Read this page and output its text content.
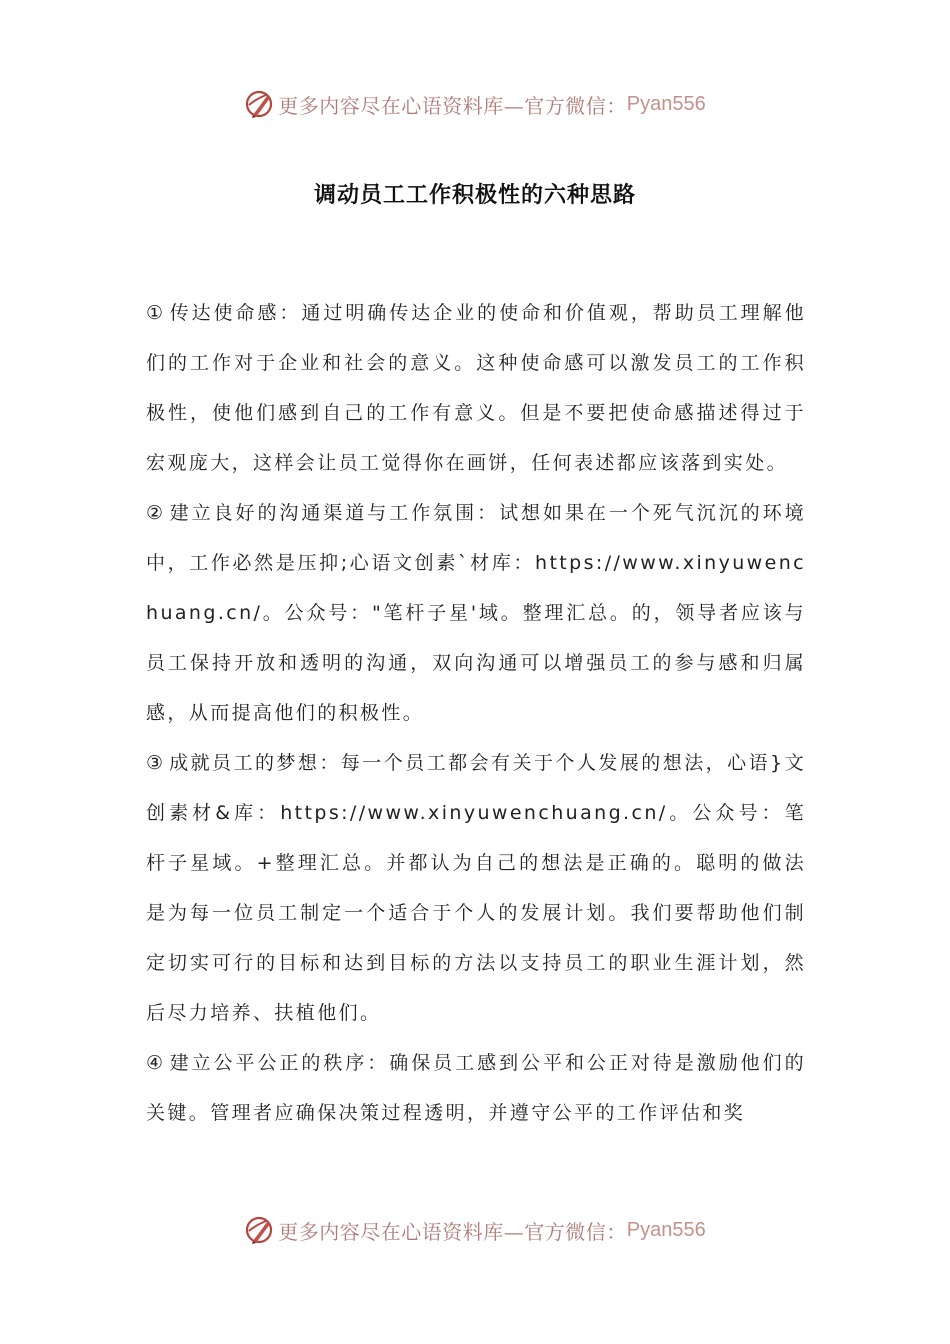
更多内容尽在心语资料库—官方微信： Pyan556
调动员工工作积极性的六种思路

① 传达使命感：通过明确传达企业的使命和价值观，帮助员工理解他们的工作对于企业和社会的意义。这种使命感可以激发员工的工作积极性，使他们感到自己的工作有意义。但是不要把使命感描述得过于宏观庞大，这样会让员工觉得你在画饼，任何表述都应该落到实处。

② 建立良好的沟通渠道与工作氛围：试想如果在一个死气沉沉的环境中，工作必然是压抑;心语文创素`材库：https://www.xinyuwenchuang.cn/。公众号："笔杆子星'域。整理汇总。的，领导者应该与员工保持开放和透明的沟通，双向沟通可以增强员工的参与感和归属感，从而提高他们的积极性。

③ 成就员工的梦想：每一个员工都会有关于个人发展的想法，心语}文创素材&库：https://www.xinyuwenchuang.cn/。公众号：笔杆子星域。+整理汇总。并都认为自己的想法是正确的。聪明的做法是为每一位员工制定一个适合于个人的发展计划。我们要帮助他们制定切实可行的目标和达到目标的方法以支持员工的职业生涯计划，然后尽力培养、扶植他们。

④ 建立公平公正的秩序：确保员工感到公平和公正对待是激励他们的关键。管理者应确保决策过程透明，并遵守公平的工作评估和奖

更多内容尽在心语资料库—官方微信： Pyan556
